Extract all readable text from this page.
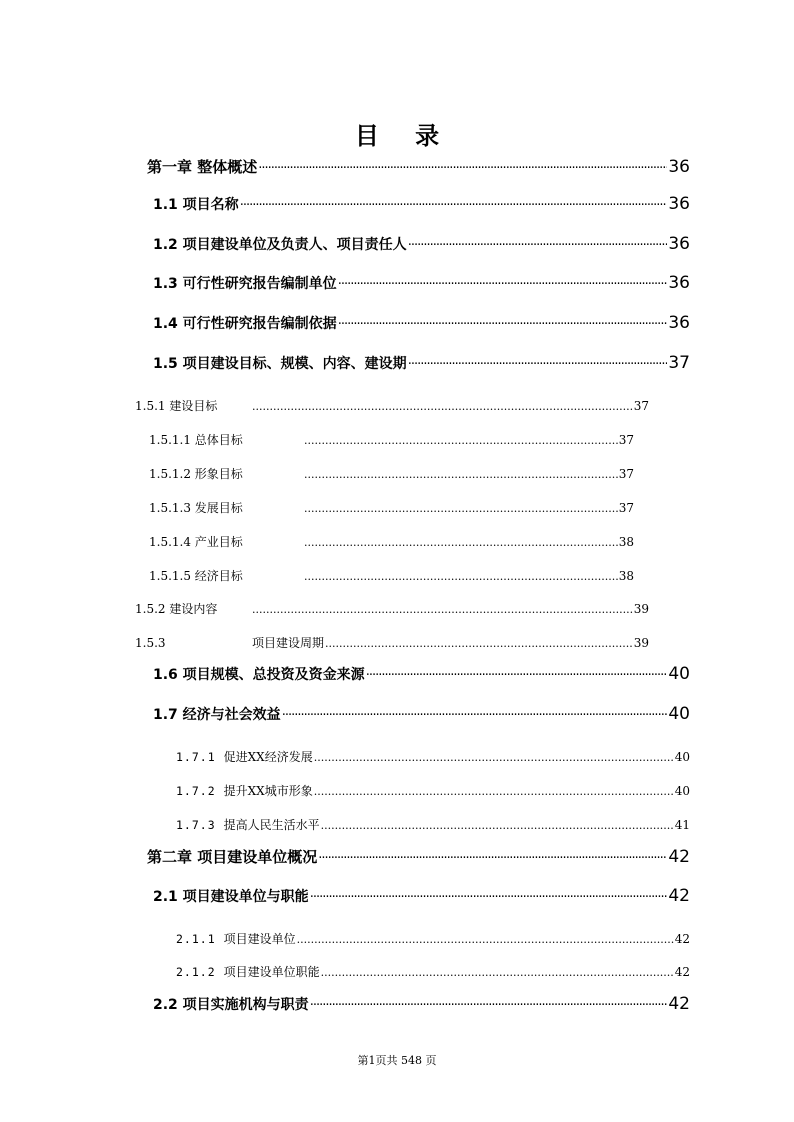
目 录
第一章 整体概述 ·····	36
1.1 项目名称 ·····	36
1.2 项目建设单位及负责人、项目责任人 ·····	36
1.3 可行性研究报告编制单位 ·····	36
1.4 可行性研究报告编制依据 ·····	36
1.5 项目建设目标、规模、内容、建设期 ·····	37
1.5.1 建设目标 .....	37
1.5.1.1 总体目标 .....	37
1.5.1.2 形象目标 .....	37
1.5.1.3 发展目标 .....	37
1.5.1.4 产业目标 .....	38
1.5.1.5 经济目标 .....	38
1.5.2 建设内容 .....	39
1.5.3	项目建设周期 .....	39
1.6 项目规模、总投资及资金来源 ·····	40
1.7 经济与社会效益 ·····	40
1.7.1 促进XX经济发展 .....	40
1.7.2 提升XX城市形象 .....	40
1.7.3 提高人民生活水平 .....	41
第二章 项目建设单位概况 ·····	42
2.1 项目建设单位与职能 ·····	42
2.1.1 项目建设单位 .....	42
2.1.2 项目建设单位职能 .....	42
2.2 项目实施机构与职责 ·····	42
第1页共 548 页
